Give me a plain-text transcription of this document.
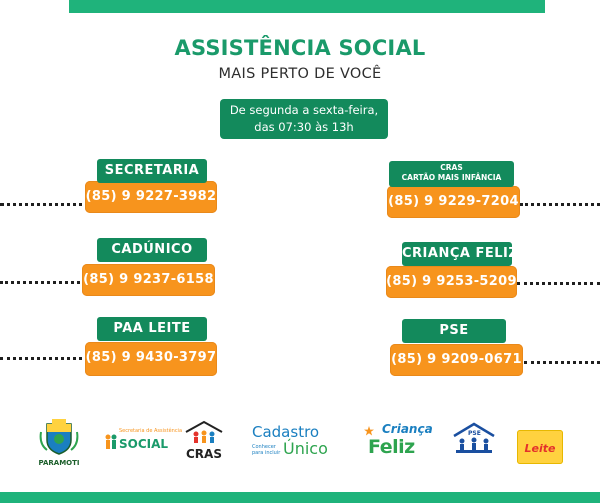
ASSISTÊNCIA SOCIAL
MAIS PERTO DE VOCÊ
De segunda a sexta-feira,
das 07:30 às 13h
SECRETARIA
(85) 9 9227-3982
CADÚNICO
(85) 9 9237-6158
PAA LEITE
(85) 9 9430-3797
CRAS
CARTÃO MAIS INFÂNCIA
(85) 9 9229-7204
CRIANÇA FELIZ
(85) 9 9253-5209
PSE
(85) 9 9209-0671
PARAMOTI
Secretaria de Assistência
SOCIAL
CRAS
Cadastro
Conhecer para incluir Único
Criança
Feliz
PSE
Leite
